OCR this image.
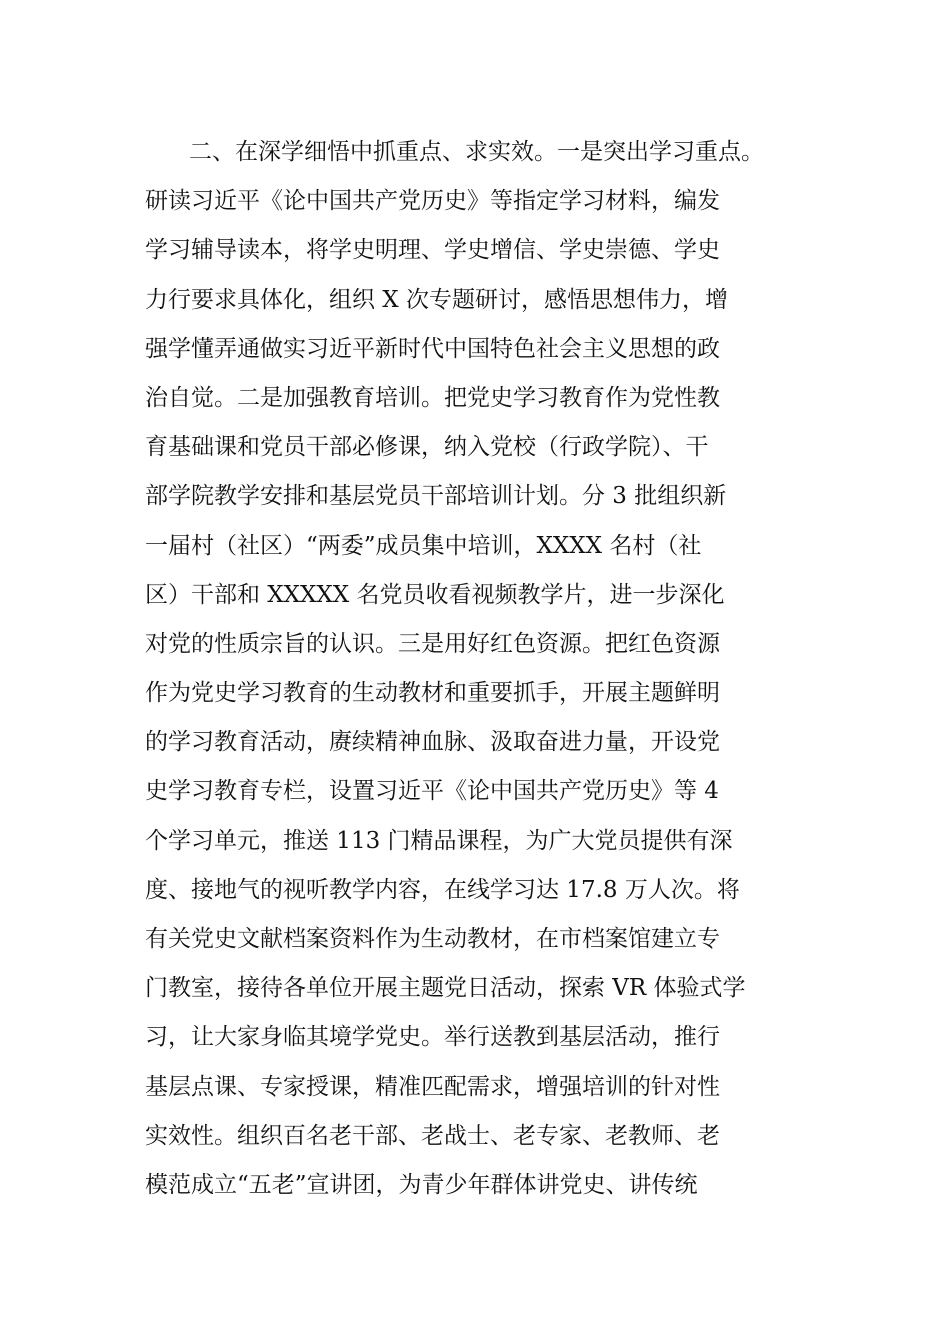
二、在深学细悟中抓重点、求实效。一是突出学习重点。
研读习近平《论中国共产党历史》等指定学习材料，编发
学习辅导读本，将学史明理、学史增信、学史崇德、学史
力行要求具体化，组织 X 次专题研讨，感悟思想伟力，增
强学懂弄通做实习近平新时代中国特色社会主义思想的政
治自觉。二是加强教育培训。把党史学习教育作为党性教
育基础课和党员干部必修课，纳入党校（行政学院）、干
部学院教学安排和基层党员干部培训计划。分 3 批组织新
一届村（社区）“两委”成员集中培训，XXXX 名村（社
区）干部和 XXXXX 名党员收看视频教学片，进一步深化
对党的性质宗旨的认识。三是用好红色资源。把红色资源
作为党史学习教育的生动教材和重要抓手，开展主题鲜明
的学习教育活动，赓续精神血脉、汲取奋进力量，开设党
史学习教育专栏，设置习近平《论中国共产党历史》等 4
个学习单元，推送 113 门精品课程，为广大党员提供有深
度、接地气的视听教学内容，在线学习达 17.8 万人次。将
有关党史文献档案资料作为生动教材，在市档案馆建立专
门教室，接待各单位开展主题党日活动，探索 VR 体验式学
习，让大家身临其境学党史。举行送教到基层活动，推行
基层点课、专家授课，精准匹配需求，增强培训的针对性
实效性。组织百名老干部、老战士、老专家、老教师、老
模范成立“五老”宣讲团，为青少年群体讲党史、讲传统
